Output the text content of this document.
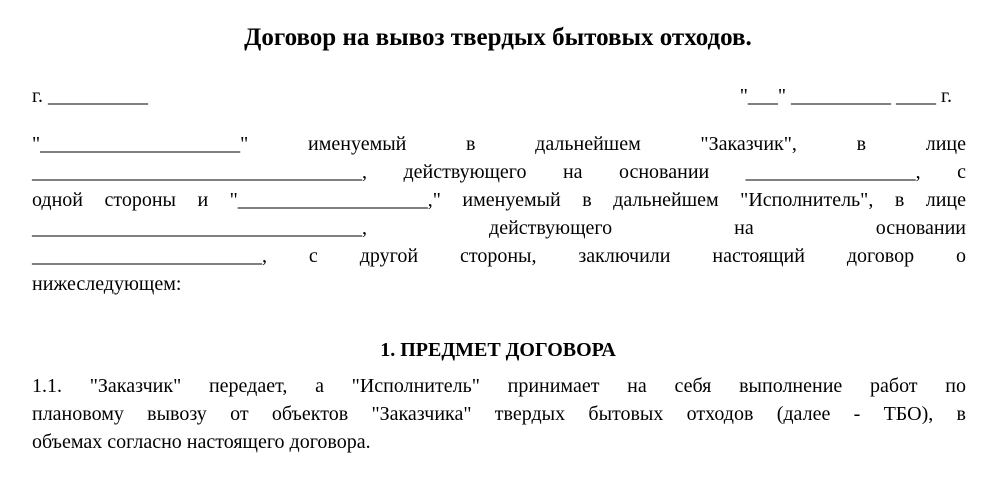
Договор на вывоз твердых бытовых отходов.
г. __________	"___" __________ ____ г.
"____________________" именуемый в дальнейшем "Заказчик", в лице
_________________________________, действующего на основании _________________, с
одной стороны и "___________________," именуемый в дальнейшем "Исполнитель", в лице
_________________________________, действующего на основании
_______________________, с другой стороны, заключили настоящий договор о
нижеследующем:
1. ПРЕДМЕТ ДОГОВОРА
1.1. "Заказчик" передает, а "Исполнитель" принимает на себя выполнение работ по
плановому вывозу от объектов "Заказчика" твердых бытовых отходов (далее - ТБО), в
объемах согласно настоящего договора.
